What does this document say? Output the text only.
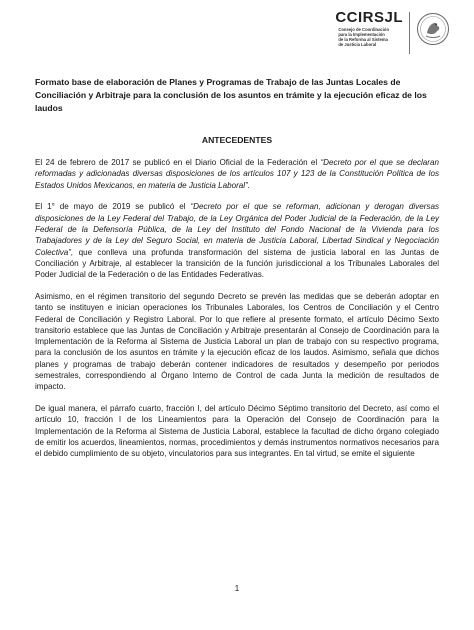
CCIRSJL
Consejo de Coordinación
para la Implementación
de la Reforma al Sistema
de Justicia Laboral

Formato base de elaboración de Planes y Programas de Trabajo de las Juntas Locales de Conciliación y Arbitraje para la conclusión de los asuntos en trámite y la ejecución eficaz de los laudos

ANTECEDENTES

El 24 de febrero de 2017 se publicó en el Diario Oficial de la Federación el “Decreto por el que se declaran reformadas y adicionadas diversas disposiciones de los artículos 107 y 123 de la Constitución Política de los Estados Unidos Mexicanos, en materia de Justicia Laboral”.

El 1° de mayo de 2019 se publicó el “Decreto por el que se reforman, adicionan y derogan diversas disposiciones de la Ley Federal del Trabajo, de la Ley Orgánica del Poder Judicial de la Federación, de la Ley Federal de la Defensoría Pública, de la Ley del Instituto del Fondo Nacional de la Vivienda para los Trabajadores y de la Ley del Seguro Social, en materia de Justicia Laboral, Libertad Sindical y Negociación Colectiva”, que conlleva una profunda transformación del sistema de justicia laboral en las Juntas de Conciliación y Arbitraje, al establecer la transición de la función jurisdiccional a los Tribunales Laborales del Poder Judicial de la Federación o de las Entidades Federativas.

Asimismo, en el régimen transitorio del segundo Decreto se prevén las medidas que se deberán adoptar en tanto se instituyen e inician operaciones los Tribunales Laborales, los Centros de Conciliación y el Centro Federal de Conciliación y Registro Laboral. Por lo que refiere al presente formato, el artículo Décimo Sexto transitorio establece que las Juntas de Conciliación y Arbitraje presentarán al Consejo de Coordinación para la Implementación de la Reforma al Sistema de Justicia Laboral un plan de trabajo con su respectivo programa, para la conclusión de los asuntos en trámite y la ejecución eficaz de los laudos. Asimismo, señala que dichos planes y programas de trabajo deberán contener indicadores de resultados y desempeño por periodos semestrales, correspondiendo al Órgano Interno de Control de cada Junta la medición de resultados de impacto.

De igual manera, el párrafo cuarto, fracción I, del artículo Décimo Séptimo transitorio del Decreto, así como el artículo 10, fracción I de los Lineamientos para la Operación del Consejo de Coordinación para la Implementación de la Reforma al Sistema de Justicia Laboral, establece la facultad de dicho órgano colegiado de emitir los acuerdos, lineamientos, normas, procedimientos y demás instrumentos normativos necesarios para el debido cumplimiento de su objeto, vinculatorios para sus integrantes. En tal virtud, se emite el siguiente

1
